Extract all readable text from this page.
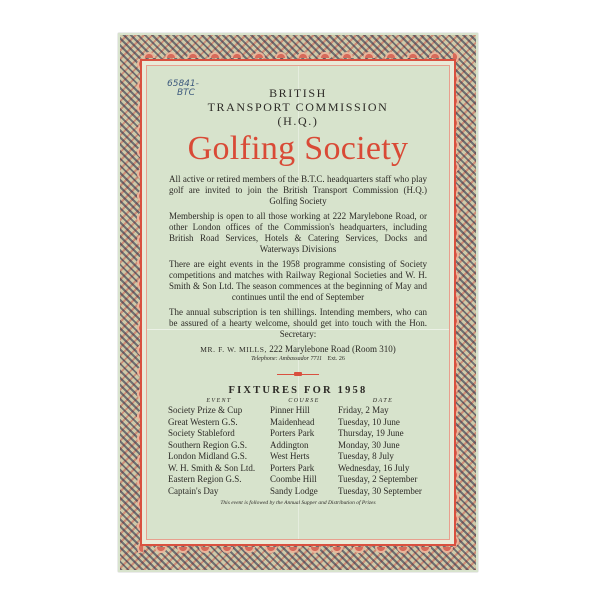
65841-
BTC	BRITISH
TRANSPORT COMMISSION
(H.Q.)
Golfing Society

All active or retired members of the B.T.C. headquarters staff who play golf are invited to join the British Transport Commission (H.Q.) Golfing Society

Membership is open to all those working at 222 Marylebone Road, or other London offices of the Commission's headquarters, including British Road Services, Hotels & Catering Services, Docks and Waterways Divisions

There are eight events in the 1958 programme consisting of Society competitions and matches with Railway Regional Societies and W. H. Smith & Son Ltd. The season commences at the beginning of May and continues until the end of September

The annual subscription is ten shillings. Intending members, who can be assured of a hearty welcome, should get into touch with the Hon. Secretary:

MR. F. W. MILLS, 222 Marylebone Road (Room 310)
Telephone: Ambassador 7711 Ext. 26
FIXTURES FOR 1958
EVENT	COURSE	DATE
Society Prize & Cup	Pinner Hill	Friday, 2 May
Great Western G.S.	Maidenhead	Tuesday, 10 June
Society Stableford	Porters Park	Thursday, 19 June
Southern Region G.S.	Addington	Monday, 30 June
London Midland G.S.	West Herts	Tuesday, 8 July
W. H. Smith & Son Ltd.	Porters Park	Wednesday, 16 July
Eastern Region G.S.	Coombe Hill	Tuesday, 2 September
Captain's Day	Sandy Lodge	Tuesday, 30 September
This event is followed by the Annual Supper and Distribution of Prizes
